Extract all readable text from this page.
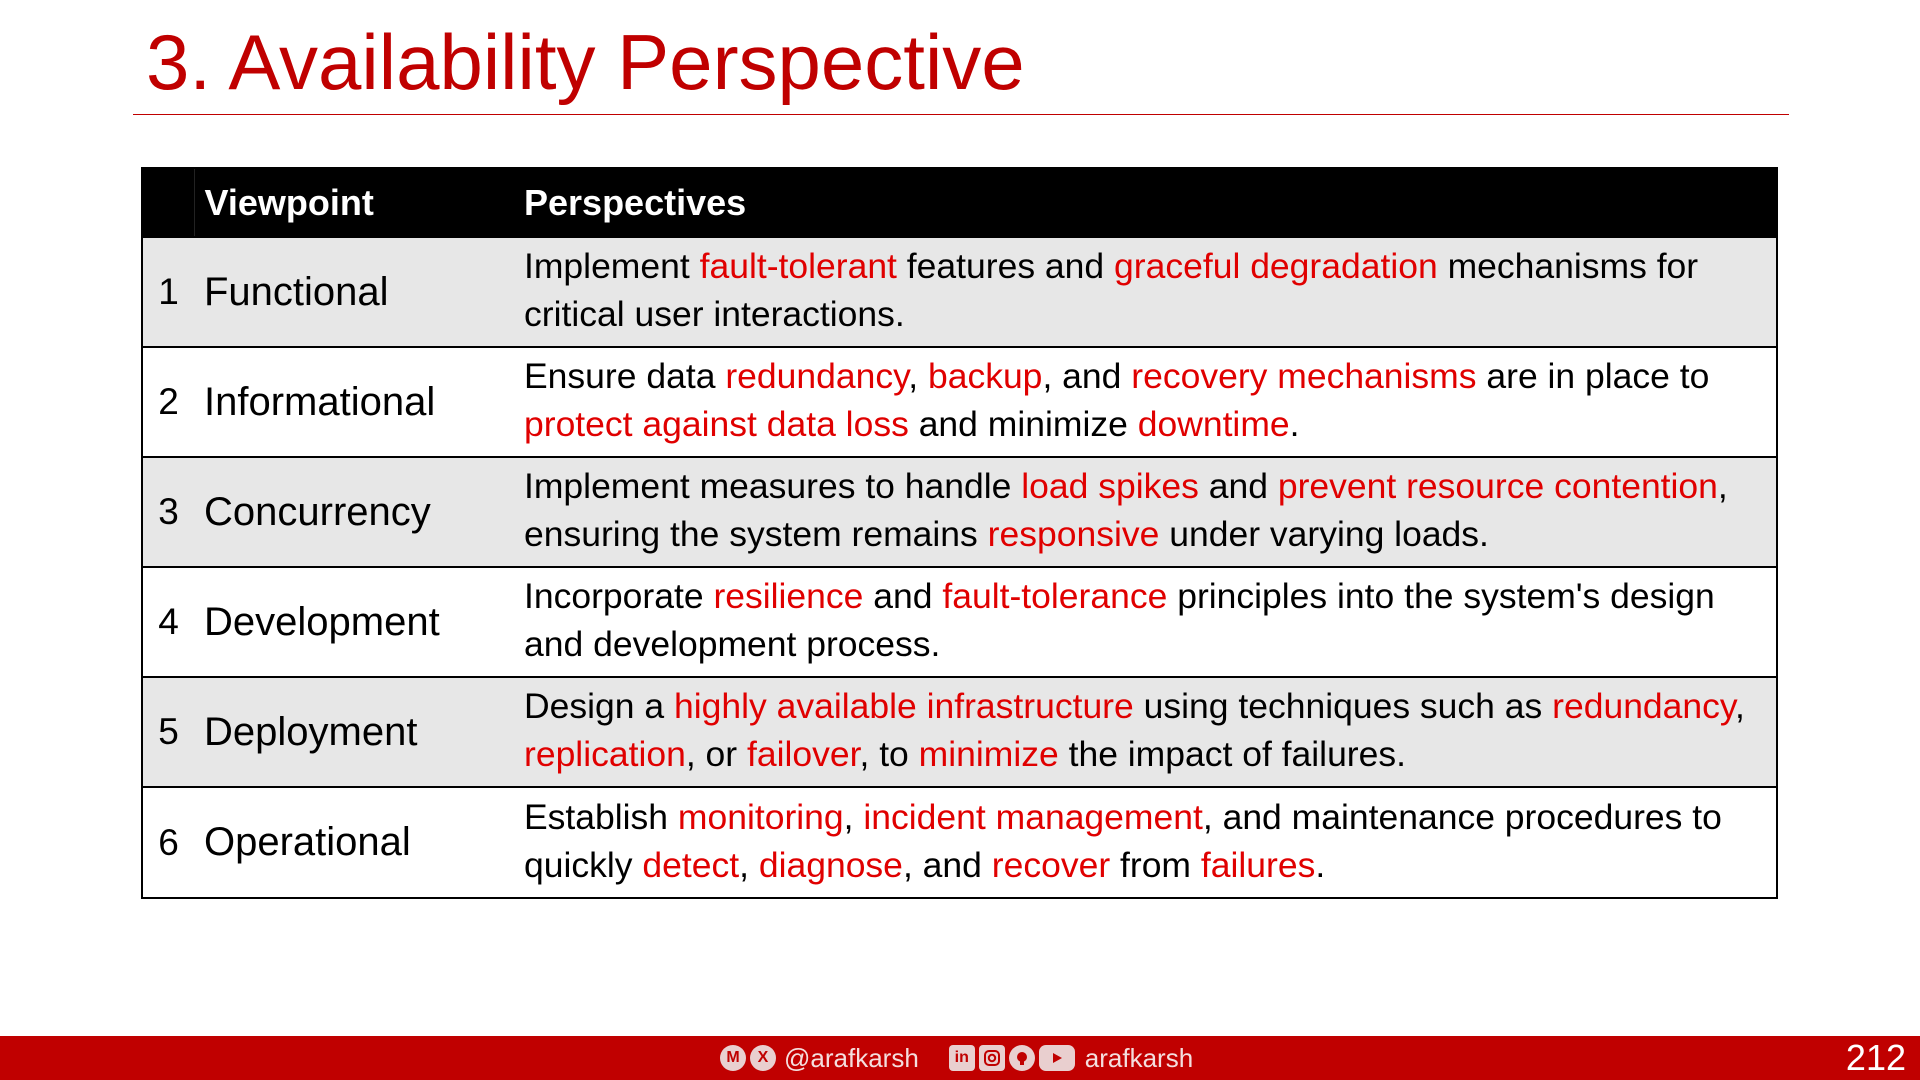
3. Availability Perspective
	Viewpoint	Perspectives
1	Functional	Implement fault-tolerant features and graceful degradation mechanisms for critical user interactions.
2	Informational	Ensure data redundancy, backup, and recovery mechanisms are in place to protect against data loss and minimize downtime.
3	Concurrency	Implement measures to handle load spikes and prevent resource contention, ensuring the system remains responsive under varying loads.
4	Development	Incorporate resilience and fault-tolerance principles into the system's design and development process.
5	Deployment	Design a highly available infrastructure using techniques such as redundancy, replication, or failover, to minimize the impact of failures.
6	Operational	Establish monitoring, incident management, and maintenance procedures to quickly detect, diagnose, and recover from failures.
M	X @arafkarsh	in	arafkarsh	212
